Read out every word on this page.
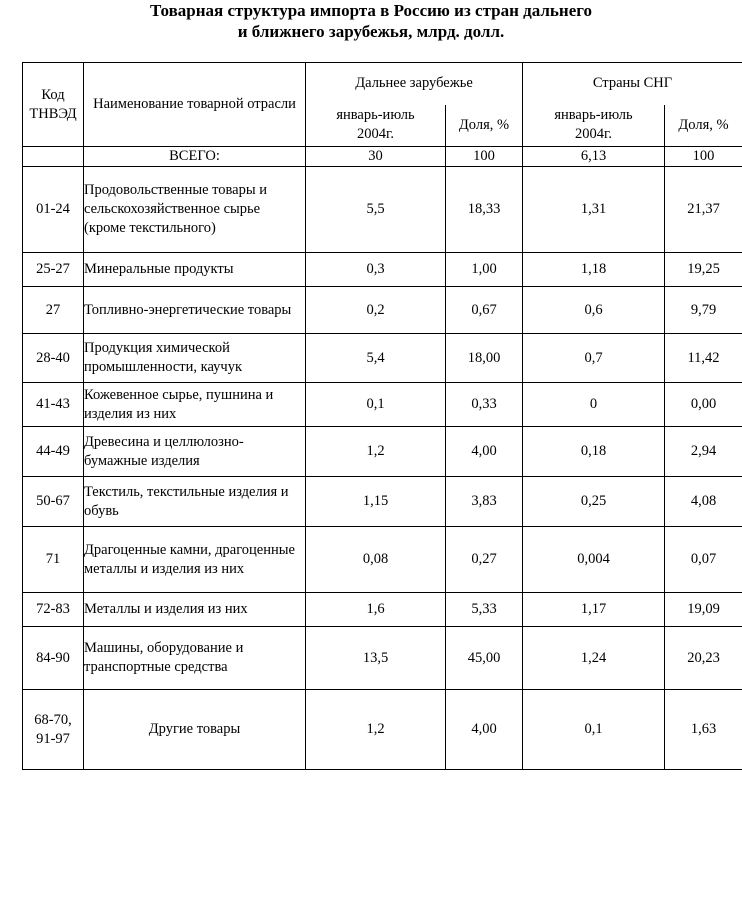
Товарная структура импорта в Россию из стран дальнего
и ближнего зарубежья, млрд. долл.
Код ТНВЭД	Наименование товарной отрасли	Дальнее зарубежье		Страны СНГ	
		январь-июль 2004г.	Доля, %	январь-июль 2004г.	Доля, %
	ВСЕГО:	30	100	6,13	100
01-24	Продовольственные товары и сельскохозяйственное сырье (кроме текстильного)	5,5	18,33	1,31	21,37
25-27	Минеральные продукты	0,3	1,00	1,18	19,25
27	Топливно-энергетические товары	0,2	0,67	0,6	9,79
28-40	Продукция химической промышленности, каучук	5,4	18,00	0,7	11,42
41-43	Кожевенное сырье, пушнина и изделия из них	0,1	0,33	0	0,00
44-49	Древесина и целлюлозно-бумажные изделия	1,2	4,00	0,18	2,94
50-67	Текстиль, текстильные изделия и обувь	1,15	3,83	0,25	4,08
71	Драгоценные камни, драгоценные металлы и изделия из них	0,08	0,27	0,004	0,07
72-83	Металлы и изделия из них	1,6	5,33	1,17	19,09
84-90	Машины, оборудование и транспортные средства	13,5	45,00	1,24	20,23
68-70, 91-97	Другие товары	1,2	4,00	0,1	1,63
